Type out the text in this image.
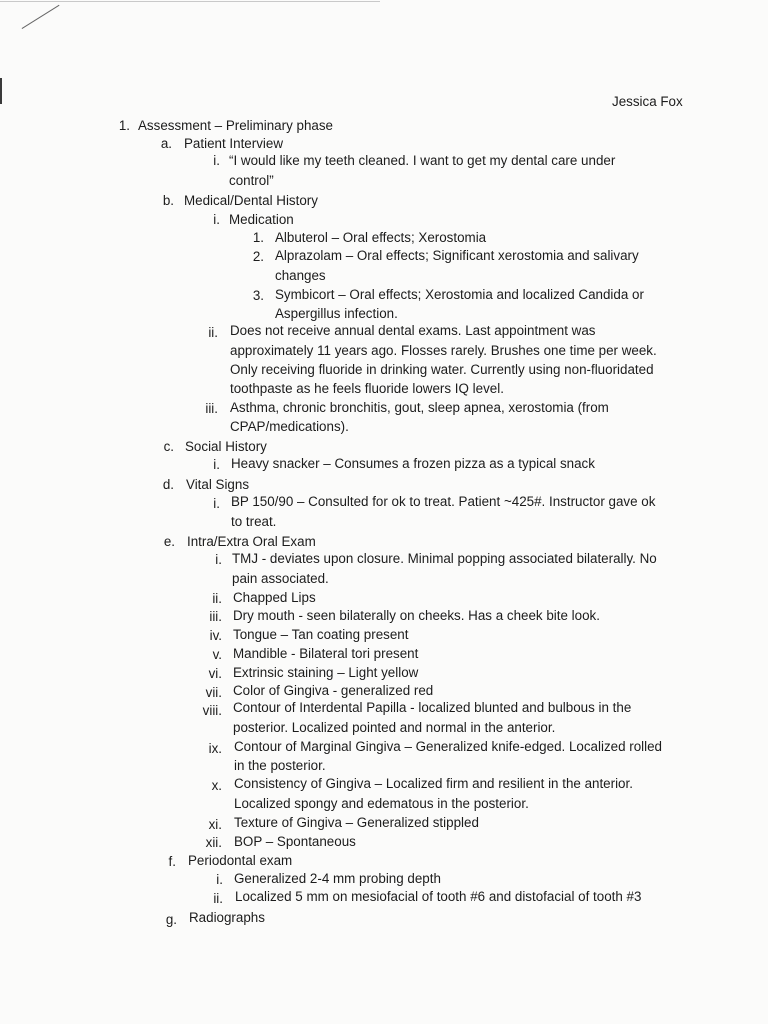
Jessica Fox
1. Assessment – Preliminary phase
a. Patient Interview
i. “I would like my teeth cleaned. I want to get my dental care under
control”
b. Medical/Dental History
i. Medication
1. Albuterol – Oral effects; Xerostomia
2. Alprazolam – Oral effects; Significant xerostomia and salivary
changes
3. Symbicort – Oral effects; Xerostomia and localized Candida or
Aspergillus infection.
ii. Does not receive annual dental exams. Last appointment was
approximately 11 years ago. Flosses rarely. Brushes one time per week.
Only receiving fluoride in drinking water. Currently using non-fluoridated
toothpaste as he feels fluoride lowers IQ level.
iii. Asthma, chronic bronchitis, gout, sleep apnea, xerostomia (from
CPAP/medications).
c. Social History
i. Heavy snacker – Consumes a frozen pizza as a typical snack
d. Vital Signs
i. BP 150/90 – Consulted for ok to treat. Patient ~425#. Instructor gave ok
to treat.
e. Intra/Extra Oral Exam
i. TMJ - deviates upon closure. Minimal popping associated bilaterally. No
pain associated.
ii. Chapped Lips
iii. Dry mouth - seen bilaterally on cheeks. Has a cheek bite look.
iv. Tongue – Tan coating present
v. Mandible - Bilateral tori present
vi. Extrinsic staining – Light yellow
vii. Color of Gingiva - generalized red
viii. Contour of Interdental Papilla - localized blunted and bulbous in the
posterior. Localized pointed and normal in the anterior.
ix. Contour of Marginal Gingiva – Generalized knife-edged. Localized rolled
in the posterior.
x. Consistency of Gingiva – Localized firm and resilient in the anterior.
Localized spongy and edematous in the posterior.
xi. Texture of Gingiva – Generalized stippled
xii. BOP – Spontaneous
f. Periodontal exam
i. Generalized 2-4 mm probing depth
ii. Localized 5 mm on mesiofacial of tooth #6 and distofacial of tooth #3
g. Radiographs
